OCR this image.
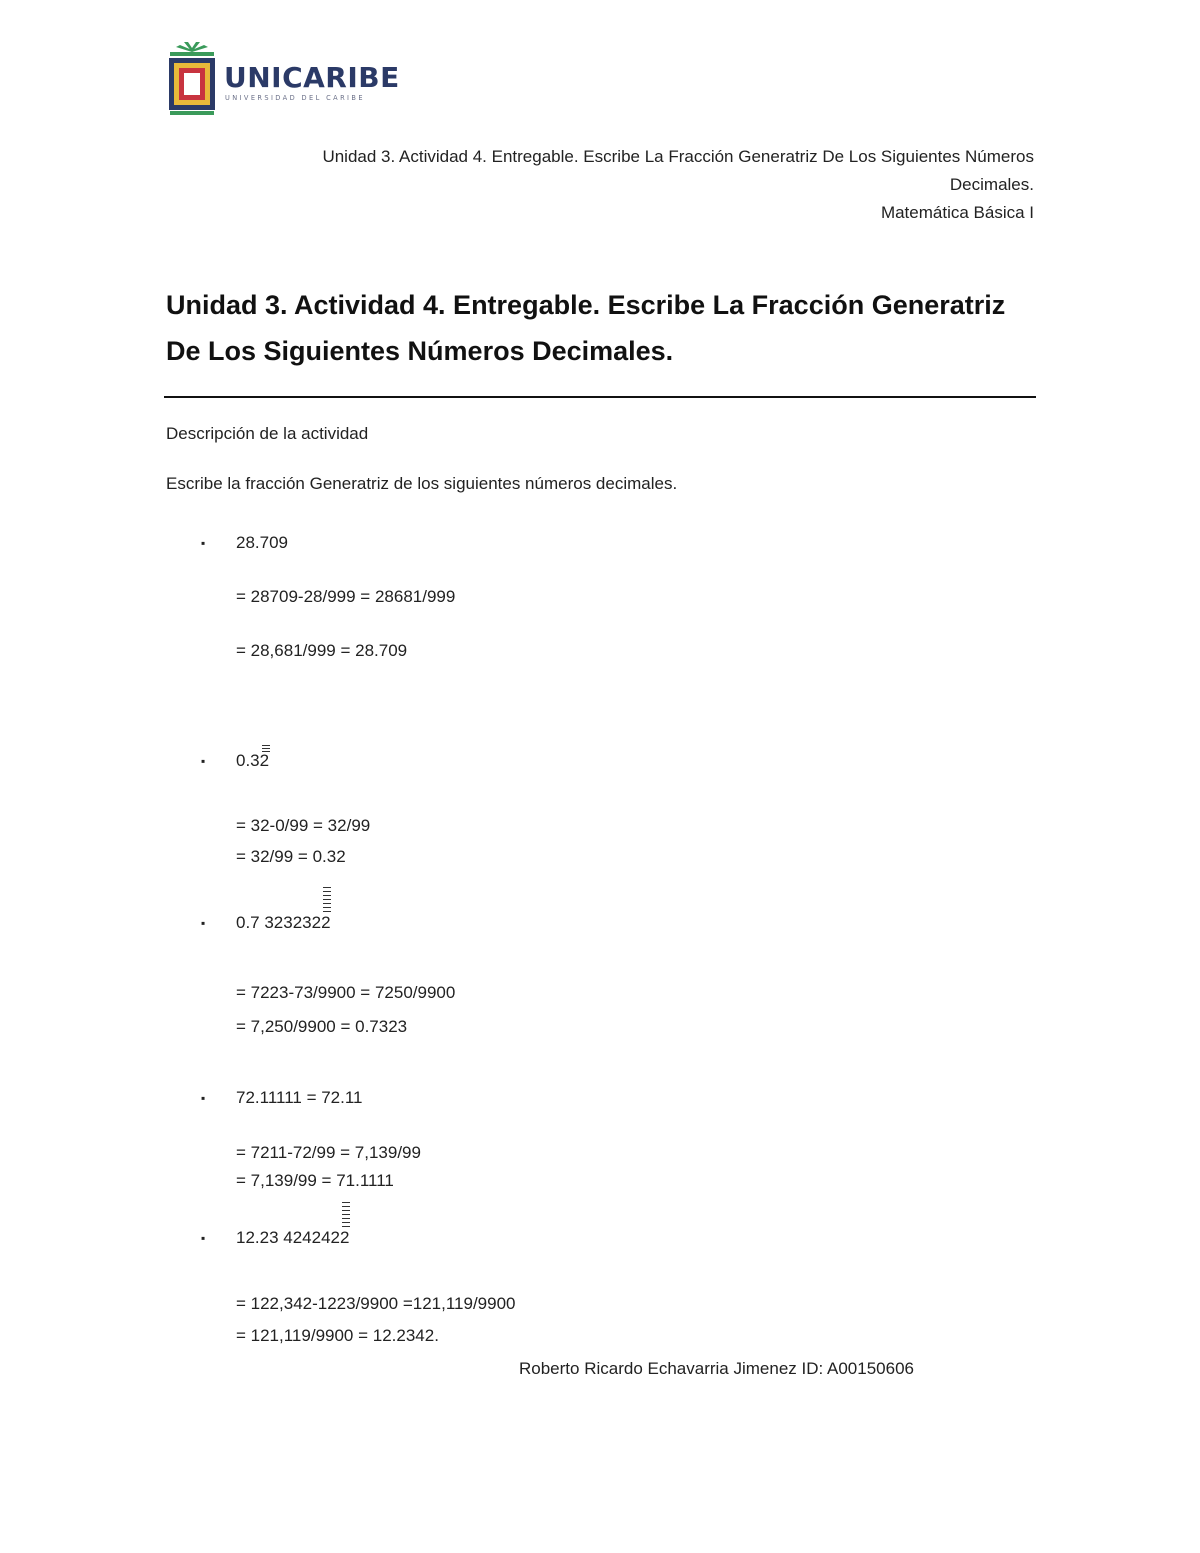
UNICARIBE
UNIVERSIDAD DEL CARIBE
Unidad 3. Actividad 4. Entregable. Escribe La Fracción Generatriz De Los Siguientes Números
Decimales.
Matemática Básica I
Unidad 3. Actividad 4. Entregable. Escribe La Fracción Generatriz
De Los Siguientes Números Decimales.
Descripción de la actividad
Escribe la fracción Generatriz de los siguientes números decimales.
▪ 28.709
= 28709-28/999 = 28681/999
= 28,681/999 = 28.709
▪ 0.32
= 32-0/99 = 32/99
= 32/99 = 0.32
▪ 0.7 3232322
= 7223-73/9900 = 7250/9900
= 7,250/9900 = 0.7323
▪ 72.11111 = 72.11
= 7211-72/99 = 7,139/99
= 7,139/99 = 71.1111
▪ 12.23 4242422
= 122,342-1223/9900 =121,119/9900
= 121,119/9900 = 12.2342.
Roberto Ricardo Echavarria Jimenez ID: A00150606
